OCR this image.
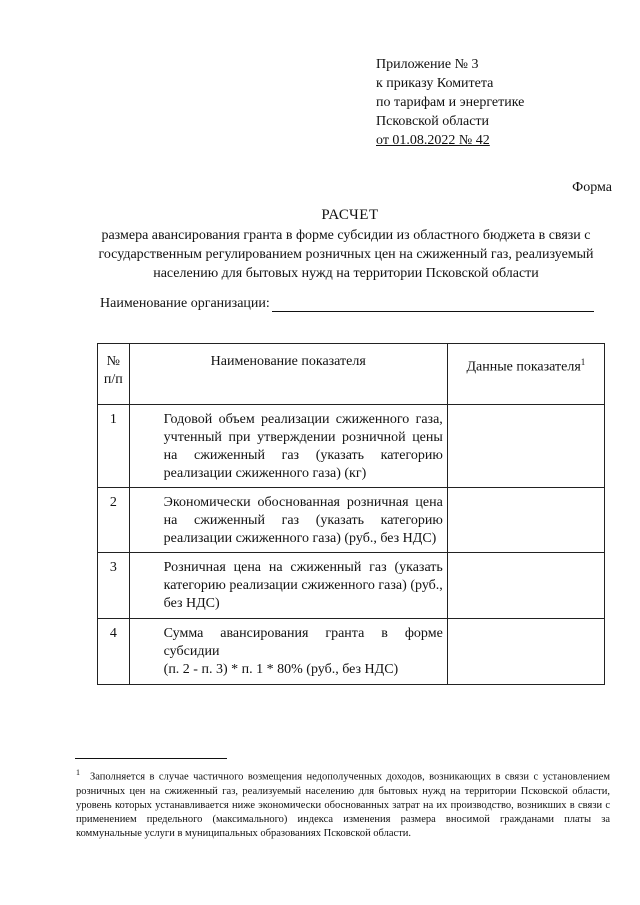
Приложение № 3
к приказу Комитета
по тарифам и энергетике
Псковской области
от 01.08.2022 № 42
Форма
РАСЧЕТ
размера авансирования гранта в форме субсидии из областного бюджета в связи с государственным регулированием розничных цен на сжиженный газ, реализуемый населению для бытовых нужд на территории Псковской области
Наименование организации:
№
п/п	Наименование показателя	Данные показателя$^1$
1	Годовой объем реализации сжиженного газа, учтенный при утверждении розничной цены на сжиженный газ (указать категорию реализации сжиженного газа) (кг)	
2	Экономически обоснованная розничная цена на сжиженный газ (указать категорию реализации сжиженного газа) (руб., без НДС)	
3	Розничная цена на сжиженный газ (указать категорию реализации сжиженного газа) (руб., без НДС)	
4	Сумма авансирования гранта в форме субсидии
(п. 2 - п. 3) * п. 1 * 80% (руб., без НДС)	

$^1$ Заполняется в случае частичного возмещения недополученных доходов, возникающих в связи с установлением розничных цен на сжиженный газ, реализуемый населению для бытовых нужд на территории Псковской области, уровень которых устанавливается ниже экономически обоснованных затрат на их производство, возникших в связи с применением предельного (максимального) индекса изменения размера вносимой гражданами платы за коммунальные услуги в муниципальных образованиях Псковской области.
